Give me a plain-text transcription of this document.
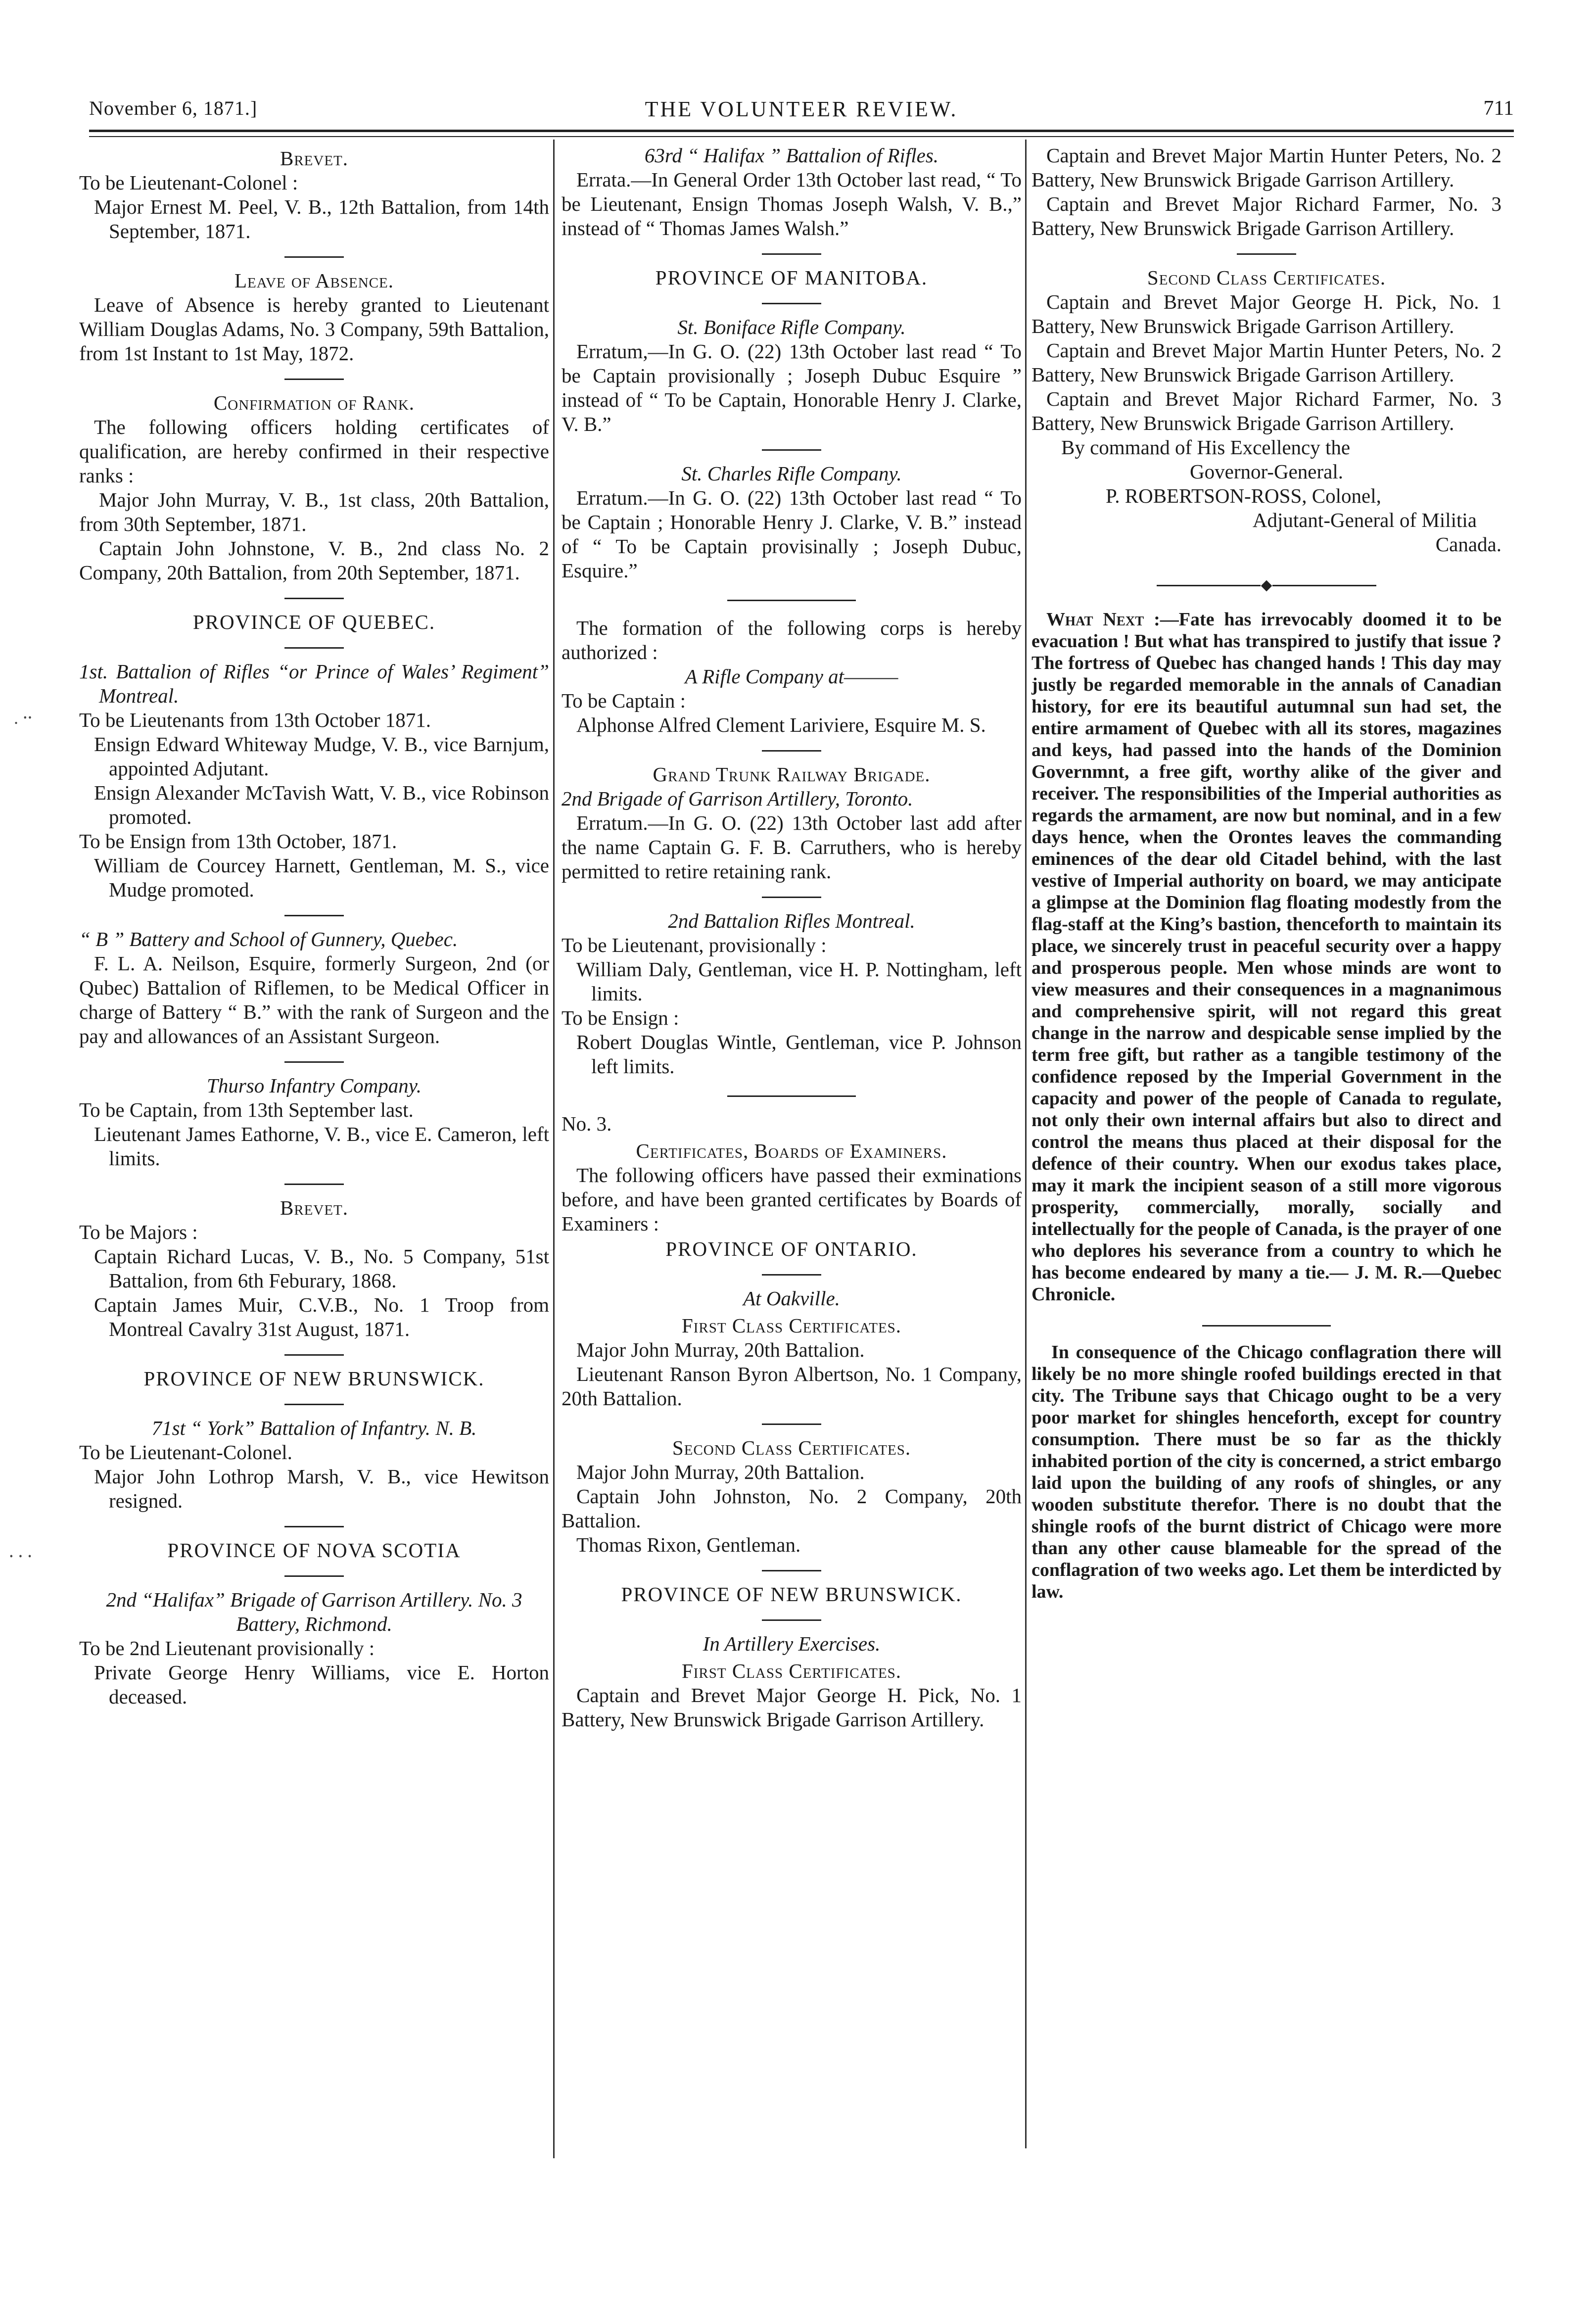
November 6, 1871.]	THE VOLUNTEER REVIEW.	711
. ⸱⸱
⸱ ⸱ ⸱

Brevet.

To be Lieutenant-Colonel :

Major Ernest M. Peel, V. B., 12th Battalion, from 14th September, 1871.

Leave of Absence.

Leave of Absence is hereby granted to Lieutenant William Douglas Adams, No. 3 Company, 59th Battalion, from 1st Instant to 1st May, 1872.

Confirmation of Rank.

The following officers holding certificates of qualification, are hereby confirmed in their respective ranks :

Major John Murray, V. B., 1st class, 20th Battalion, from 30th September, 1871.

Captain John Johnstone, V. B., 2nd class No. 2 Company, 20th Battalion, from 20th September, 1871.

PROVINCE OF QUEBEC.

1st. Battalion of Rifles “or Prince of Wales’ Regiment” Montreal.

To be Lieutenants from 13th October 1871.

Ensign Edward Whiteway Mudge, V. B., vice Barnjum, appointed Adjutant.

Ensign Alexander McTavish Watt, V. B., vice Robinson promoted.

To be Ensign from 13th October, 1871.

William de Courcey Harnett, Gentleman, M. S., vice Mudge promoted.

“ B ” Battery and School of Gunnery, Quebec.

F. L. A. Neilson, Esquire, formerly Surgeon, 2nd (or Qubec) Battalion of Riflemen, to be Medical Officer in charge of Battery “ B.” with the rank of Surgeon and the pay and allowances of an Assistant Surgeon.

Thurso Infantry Company.

To be Captain, from 13th September last.

Lieutenant James Eathorne, V. B., vice E. Cameron, left limits.

Brevet.

To be Majors :

Captain Richard Lucas, V. B., No. 5 Company, 51st Battalion, from 6th Feburary, 1868.

Captain James Muir, C.V.B., No. 1 Troop from Montreal Cavalry 31st August, 1871.

PROVINCE OF NEW BRUNSWICK.

71st “ York” Battalion of Infantry. N. B.

To be Lieutenant-Colonel.

Major John Lothrop Marsh, V. B., vice Hewitson resigned.

PROVINCE OF NOVA SCOTIA

2nd “Halifax” Brigade of Garrison Artillery. No. 3 Battery, Richmond.

To be 2nd Lieutenant provisionally :

Private George Henry Williams, vice E. Horton deceased.

63rd “ Halifax ” Battalion of Rifles.

Errata.—In General Order 13th October last read, “ To be Lieutenant, Ensign Thomas Joseph Walsh, V. B.,” instead of “ Thomas James Walsh.”

PROVINCE OF MANITOBA.

St. Boniface Rifle Company.

Erratum,—In G. O. (22) 13th October last read “ To be Captain provisionally ; Joseph Dubuc Esquire ” instead of “ To be Captain, Honorable Henry J. Clarke, V. B.”

St. Charles Rifle Company.

Erratum.—In G. O. (22) 13th October last read “ To be Captain ; Honorable Henry J. Clarke, V. B.” instead of “ To be Captain provisinally ; Joseph Dubuc, Esquire.”

The formation of the following corps is hereby authorized :

A Rifle Company at———

To be Captain :

Alphonse Alfred Clement Lariviere, Esquire M. S.

Grand Trunk Railway Brigade.

2nd Brigade of Garrison Artillery, Toronto.

Erratum.—In G. O. (22) 13th October last add after the name Captain G. F. B. Carruthers, who is hereby permitted to retire retaining rank.

2nd Battalion Rifles Montreal.

To be Lieutenant, provisionally :

William Daly, Gentleman, vice H. P. Nottingham, left limits.

To be Ensign :

Robert Douglas Wintle, Gentleman, vice P. Johnson left limits.

No. 3.

Certificates, Boards of Examiners.

The following officers have passed their exminations before, and have been granted certificates by Boards of Examiners :

PROVINCE OF ONTARIO.

At Oakville.

First Class Certificates.

Major John Murray, 20th Battalion.

Lieutenant Ranson Byron Albertson, No. 1 Company, 20th Battalion.

Second Class Certificates.

Major John Murray, 20th Battalion.

Captain John Johnston, No. 2 Company, 20th Battalion.

Thomas Rixon, Gentleman.

PROVINCE OF NEW BRUNSWICK.

In Artillery Exercises.

First Class Certificates.

Captain and Brevet Major George H. Pick, No. 1 Battery, New Brunswick Brigade Garrison Artillery.

Captain and Brevet Major Martin Hunter Peters, No. 2 Battery, New Brunswick Brigade Garrison Artillery.

Captain and Brevet Major Richard Farmer, No. 3 Battery, New Brunswick Brigade Garrison Artillery.

Second Class Certificates.

Captain and Brevet Major George H. Pick, No. 1 Battery, New Brunswick Brigade Garrison Artillery.

Captain and Brevet Major Martin Hunter Peters, No. 2 Battery, New Brunswick Brigade Garrison Artillery.

Captain and Brevet Major Richard Farmer, No. 3 Battery, New Brunswick Brigade Garrison Artillery.

By command of His Excellency the

Governor-General.

P. ROBERTSON-ROSS, Colonel,

Adjutant-General of Militia

Canada.

What Next :—Fate has irrevocably doomed it to be evacuation ! But what has transpired to justify that issue ? The fortress of Quebec has changed hands ! This day may justly be regarded memorable in the annals of Canadian history, for ere its beautiful autumnal sun had set, the entire armament of Quebec with all its stores, magazines and keys, had passed into the hands of the Dominion Governmnt, a free gift, worthy alike of the giver and receiver. The responsibilities of the Imperial authorities as regards the armament, are now but nominal, and in a few days hence, when the Orontes leaves the commanding eminences of the dear old Citadel behind, with the last vestive of Imperial authority on board, we may anticipate a glimpse at the Dominion flag floating modestly from the flag-staff at the King’s bastion, thenceforth to maintain its place, we sincerely trust in peaceful security over a happy and prosperous people. Men whose minds are wont to view measures and their consequences in a magnanimous and comprehensive spirit, will not regard this great change in the narrow and despicable sense implied by the term free gift, but rather as a tangible testimony of the confidence reposed by the Imperial Government in the capacity and power of the people of Canada to regulate, not only their own internal affairs but also to direct and control the means thus placed at their disposal for the defence of their country. When our exodus takes place, may it mark the incipient season of a still more vigorous prosperity, commercially, morally, socially and intellectually for the people of Canada, is the prayer of one who deplores his severance from a country to which he has become endeared by many a tie.— J. M. R.—Quebec Chronicle.

In consequence of the Chicago conflagration there will likely be no more shingle roofed buildings erected in that city. The Tribune says that Chicago ought to be a very poor market for shingles henceforth, except for country consumption. There must be so far as the thickly inhabited portion of the city is concerned, a strict embargo laid upon the building of any roofs of shingles, or any wooden substitute therefor. There is no doubt that the shingle roofs of the burnt district of Chicago were more than any other cause blameable for the spread of the conflagration of two weeks ago. Let them be interdicted by law.
